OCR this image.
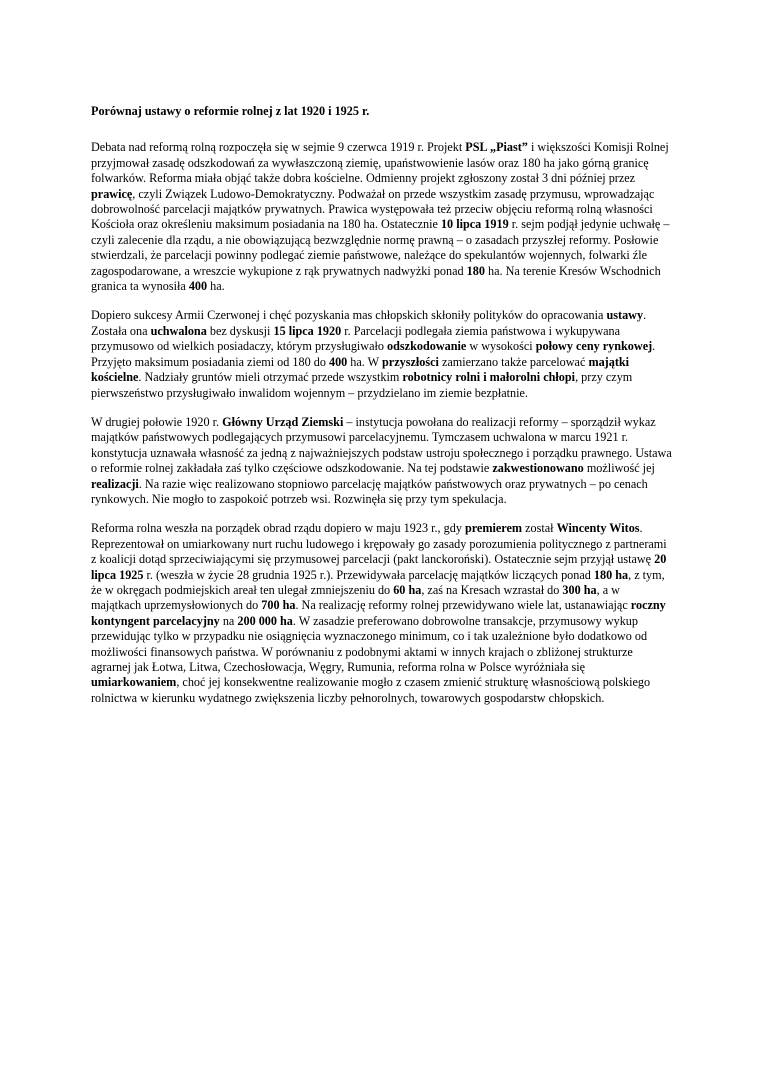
Porównaj ustawy o reformie rolnej z lat 1920 i 1925 r.

Debata nad reformą rolną rozpoczęła się w sejmie 9 czerwca 1919 r. Projekt PSL „Piast” i większości Komisji Rolnej przyjmował zasadę odszkodowań za wywłaszczoną ziemię, upaństwowienie lasów oraz 180 ha jako górną granicę folwarków. Reforma miała objąć także dobra kościelne. Odmienny projekt zgłoszony został 3 dni później przez prawicę, czyli Związek Ludowo-Demokratyczny. Podważał on przede wszystkim zasadę przymusu, wprowadzając dobrowolność parcelacji majątków prywatnych. Prawica występowała też przeciw objęciu reformą rolną własności Kościoła oraz określeniu maksimum posiadania na 180 ha. Ostatecznie 10 lipca 1919 r. sejm podjął jedynie uchwałę – czyli zalecenie dla rządu, a nie obowiązującą bezwzględnie normę prawną – o zasadach przyszłej reformy. Posłowie stwierdzali, że parcelacji powinny podlegać ziemie państwowe, należące do spekulantów wojennych, folwarki źle zagospodarowane, a wreszcie wykupione z rąk prywatnych nadwyżki ponad 180 ha. Na terenie Kresów Wschodnich granica ta wynosiła 400 ha.

Dopiero sukcesy Armii Czerwonej i chęć pozyskania mas chłopskich skłoniły polityków do opracowania ustawy. Została ona uchwalona bez dyskusji 15 lipca 1920 r. Parcelacji podlegała ziemia państwowa i wykupywana przymusowo od wielkich posiadaczy, którym przysługiwało odszkodowanie w wysokości połowy ceny rynkowej. Przyjęto maksimum posiadania ziemi od 180 do 400 ha. W przyszłości zamierzano także parcelować majątki kościelne. Nadziały gruntów mieli otrzymać przede wszystkim robotnicy rolni i małorolni chłopi, przy czym pierwszeństwo przysługiwało inwalidom wojennym – przydzielano im ziemie bezpłatnie.

W drugiej połowie 1920 r. Główny Urząd Ziemski – instytucja powołana do realizacji reformy – sporządził wykaz majątków państwowych podlegających przymusowi parcelacyjnemu. Tymczasem uchwalona w marcu 1921 r. konstytucja uznawała własność za jedną z najważniejszych podstaw ustroju społecznego i porządku prawnego. Ustawa o reformie rolnej zakładała zaś tylko częściowe odszkodowanie. Na tej podstawie zakwestionowano możliwość jej realizacji. Na razie więc realizowano stopniowo parcelację majątków państwowych oraz prywatnych – po cenach rynkowych. Nie mogło to zaspokoić potrzeb wsi. Rozwinęła się przy tym spekulacja.

Reforma rolna weszła na porządek obrad rządu dopiero w maju 1923 r., gdy premierem został Wincenty Witos. Reprezentował on umiarkowany nurt ruchu ludowego i krępowały go zasady porozumienia politycznego z partnerami z koalicji dotąd sprzeciwiającymi się przymusowej parcelacji (pakt lanckoroński). Ostatecznie sejm przyjął ustawę 20 lipca 1925 r. (weszła w życie 28 grudnia 1925 r.). Przewidywała parcelację majątków liczących ponad 180 ha, z tym, że w okręgach podmiejskich areał ten ulegał zmniejszeniu do 60 ha, zaś na Kresach wzrastał do 300 ha, a w majątkach uprzemysłowionych do 700 ha. Na realizację reformy rolnej przewidywano wiele lat, ustanawiając roczny kontyngent parcelacyjny na 200 000 ha. W zasadzie preferowano dobrowolne transakcje, przymusowy wykup przewidując tylko w przypadku nie osiągnięcia wyznaczonego minimum, co i tak uzależnione było dodatkowo od możliwości finansowych państwa. W porównaniu z podobnymi aktami w innych krajach o zbliżonej strukturze agrarnej jak Łotwa, Litwa, Czechosłowacja, Węgry, Rumunia, reforma rolna w Polsce wyróżniała się umiarkowaniem, choć jej konsekwentne realizowanie mogło z czasem zmienić strukturę własnościową polskiego rolnictwa w kierunku wydatnego zwiększenia liczby pełnorolnych, towarowych gospodarstw chłopskich.
